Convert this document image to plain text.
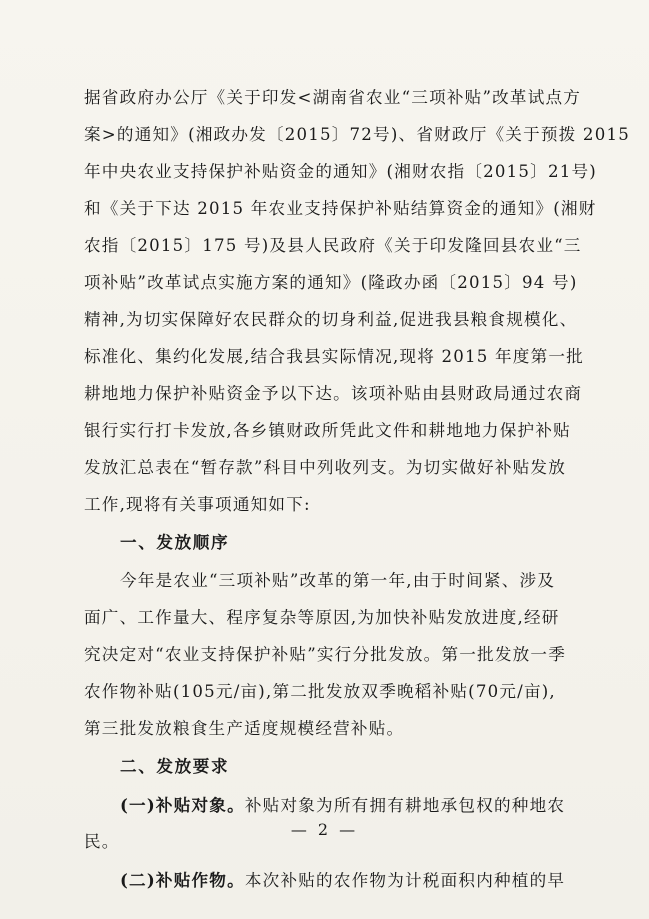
据省政府办公厅《关于印发<湖南省农业“三项补贴”改革试点方
案>的通知》(湘政办发〔2015〕72号)、省财政厅《关于预拨 2015
年中央农业支持保护补贴资金的通知》(湘财农指〔2015〕21号)
和《关于下达 2015 年农业支持保护补贴结算资金的通知》(湘财
农指〔2015〕175 号)及县人民政府《关于印发隆回县农业“三
项补贴”改革试点实施方案的通知》(隆政办函〔2015〕94 号)
精神,为切实保障好农民群众的切身利益,促进我县粮食规模化、
标准化、集约化发展,结合我县实际情况,现将 2015 年度第一批
耕地地力保护补贴资金予以下达。该项补贴由县财政局通过农商
银行实行打卡发放,各乡镇财政所凭此文件和耕地地力保护补贴
发放汇总表在“暂存款”科目中列收列支。为切实做好补贴发放
工作,现将有关事项通知如下:
一、发放顺序
今年是农业“三项补贴”改革的第一年,由于时间紧、涉及
面广、工作量大、程序复杂等原因,为加快补贴发放进度,经研
究决定对“农业支持保护补贴”实行分批发放。第一批发放一季
农作物补贴(105元/亩),第二批发放双季晚稻补贴(70元/亩),
第三批发放粮食生产适度规模经营补贴。
二、发放要求
(一)补贴对象。补贴对象为所有拥有耕地承包权的种地农
民。
(二)补贴作物。本次补贴的农作物为计税面积内种植的早
— 2 —
